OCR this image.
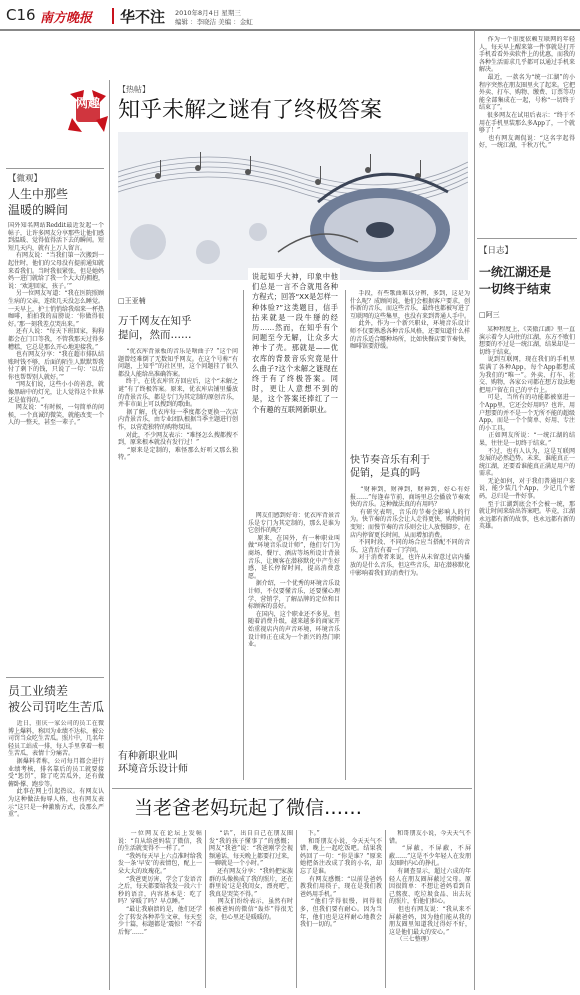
C16 南方晚报 华不注 2010年8月4日 星期三
编辑 ：李晓洁 美编 ：金虹
网趣
【微观】
人生中那些
温暖的瞬间
国外知名网站Reddit最近发起一个帖子，让许多网友分享那些让他们感到温暖、觉得值得活下去的瞬间。短短几天内，就有上万人留言。
有网友说：“当我们第一次搬到一起住时，他们的父母没有提前通知就来看我们。当时我很紧张，但是她妈妈一进门就给了我一个大大的拥抱，说：‘欢迎回家，孩子。’”
另一位网友写道：“我在医院照顾生病的父亲，连续几天没怎么睡觉。一天早上，护士悄悄给我端来一杯热咖啡，拍拍我的肩膀说：‘你做得很好。’那一刻我差点哭出来。”
还有人说：“每天下班回家，狗狗都会在门口等我，不管我那天过得多糟糕，它总是那么开心地迎接我。”
也有网友分享：“我在超市排队结账时钱不够，后面的陌生人默默帮我付了剩下的钱，只说了一句：‘以后你也帮帮别人就好。’”
“网友们说，这些小小的善意，就像黑暗中的灯光，让人觉得这个世界还是值得的。”
网友说：“有时候，一句简单的问候，一个真诚的微笑，就能改变一个人的一整天，甚至一辈子。”
员工业绩差
被公司罚吃生苦瓜
近日，重庆一家公司的员工在微博上爆料，称因为业绩不达标，被公司罚当众吃生苦瓜。照片中，几名年轻员工站成一排，每人手里拿着一根生苦瓜，表情十分痛苦。
据爆料者称，公司每月都会进行业绩考核，排名靠后的员工就要接受“惩罚”，除了吃苦瓜外，还有做俯卧撑、跑步等。
此事在网上引起热议。有网友认为这种做法侮辱人格，也有网友表示“这只是一种激励方式，没那么严重”。
【热帖】
知乎未解之谜有了终极答案
□王亚楠
万千网友在知乎
提问，然而……
“优衣库背景板的音乐是啥曲子？”这个问题曾经难倒了无数知乎网友。在这个号称“有问题，上知乎”的社区里，这个问题挂了很久都没人能给出准确答案。
终于，在优衣库官方回应后，这个“未解之谜”有了终极答案。原来，优衣库店铺里播放的背景音乐，都是专门为其定制的原创音乐，并非市面上可以搜到的歌曲。
据了解，优衣库每一季度都会更换一次店内背景音乐，由专业团队根据当季主题进行创作，以营造独特的购物氛围。
对此，不少网友表示：“难怪怎么搜都搜不到，原来根本就没有发行过！”
“原来是定制的，难怪那么好听又那么独特。”
有种新职业叫
环境音乐设计师
说起知乎大神，印象中他们总是一言不合就甩各种方程式；回答“XX是怎样一种体验?”这类题目，信手拈来就是一段牛掰的经历……然而，在知乎有个问题至今无解，让众多大神卡了壳。那就是——优衣库的背景音乐究竟是什么曲子?这个未解之谜现在终于有了终极答案。同时，更让人意想不到的是，这个答案还捧红了一个有趣的互联网新职业。
网友们感到好奇：优衣库背景音乐是专门为其定制的，那么是谁为它创作的呢？
原来，在国外，有一种职业叫做“环境音乐设计师”，他们专门为商场、餐厅、酒店等场所设计背景音乐，让顾客在潜移默化中产生好感，延长停留时间，提高消费意愿。
据介绍，一个优秀的环境音乐设计师，不仅要懂音乐，还要懂心理学、营销学，了解品牌的定位和目标顾客的喜好。
在国内，这个职业还不多见，但随着消费升级，越来越多的商家开始重视店内的声音环境，环境音乐设计师正在成为一个新兴的热门职业。
手段，有些歌曲难以分辨，多到，这是为什么呢？成顾问说，他们会根据客户要求，创作新的音乐，而这些音乐，最终也都被写进了互联网的这些集里，也没有来到普通人手中。
此外，作为一个新兴职业，环境音乐设计师不仅要熟悉各种音乐风格，还要知道什么样的音乐适合哪种场所，比如快餐店要节奏快，咖啡馆要舒缓。
快节奏音乐有利于
促销，是真的吗
“财神到，财神到，财神到，好心有好报……”每逢春节前，商场里总会播放节奏欢快的音乐。这种做法真的有用吗？
有研究表明，音乐的节奏会影响人的行为。快节奏的音乐会让人走得更快，购物时间变短；而慢节奏的音乐则会让人放慢脚步，在店内停留更长时间，从而增加消费。
不同时段、不同的场合应当搭配不同的音乐，这背后有着一门学问。
对于消费者来说，也许从未留意过店内播放的是什么音乐，但这些音乐，却在潜移默化中影响着我们的消费行为。
作为一个重度依赖互联网的年轻人，每天早上醒来第一件事就是打开手机看看外卖软件上的优惠，而我的各种生活需求几乎都可以通过手机来解决。
最近，一款名为“统一江湖”的小程序突然在朋友圈里火了起来。它把外卖、打车、购物、缴费、订票等功能全部集成在一起，号称“一切终于结束了”。
很多网友在试用后表示：“终于不用在手机里装那么多App了，一个就够了！”
也有网友调侃说：“这名字起得好，一统江湖，千秋万代。”
【日志】
一统江湖还是
一切终于结束
□阿三
某种程度上，《笑傲江湖》里一直演示着令人向往的江湖，东方不败们想要的不过是一统江湖，结果却是一切终于结束。
说到互联网，现在我们的手机里装满了各种App，每个App都想成为我们的“唯一”。外卖、打车、社交、购物，各家公司都在想方设法地把用户留在自己的平台上。
可是，当所有的功能都被塞进一个App里，它还会好用吗？也许，用户想要的并不是一个无所不能的超级App，而是一个个简单、好用、专注的小工具。
正如网友所说：“一统江湖的结果，往往是一切终于结束。”
不过，也有人认为，这是互联网发展的必然趋势。未来，谁能真正一统江湖，还要看谁能真正满足用户的需求。
无论如何，对于我们普通用户来说，能少装几个App，少记几个密码，总归是一件好事。
至于江湖到底会不会被一统，那就让时间来给出答案吧。毕竟，江湖永远都有新的故事，也永远都有新的英雄。
当老爸老妈玩起了微信……
一位网友在论坛上发帖说：“自从给爸妈装了微信，我的生活就变得不一样了。”
“我妈每天早上六点准时给我发一条‘早安’的表情包，配上一朵大大的玫瑰花。”
“我爸更厉害，学会了发语音之后，每天都要给我发一段六十秒的语音，内容基本是：吃了吗？穿暖了吗？早点睡。”
“最让我崩溃的是，他们还学会了转发各种养生文章，每天至少十篇，标题都是‘震惊！’‘不看后悔’……”
“话”，出自自己在朋友圈发“我的孩子懂事了”的感慨；网友“我爸”说：“我爸刚学会视频通话，每天晚上都要打过来，一聊就是一个小时。”
还有网友分享：“我妈把家族群的头像换成了我的照片，还在群里说‘这是我闺女，漂亮吧’，我真是哭笑不得。”
网友们纷纷表示，虽然有时候被爸妈的微信“轰炸”得很无奈，但心里还是暖暖的。
下。”
和哥朋友小说，今天天气不错，晚上一起吃饭吧。结果我妈回了一句：“你是谁？”原来她把备注改成了我的小名，却忘了是谁。
有网友感慨：“以前是爸妈教我们用筷子，现在是我们教爸妈用手机。”
“他们学得很慢，问得很多，但我们要有耐心。因为当年，他们也是这样耐心地教会我们一切的。”
和哥朋友小说，今天天气不错。
“屏蔽，不屏蔽，不屏蔽……”这是不少年轻人在发朋友圈时内心的挣扎。
有调查显示，超过六成的年轻人在朋友圈屏蔽过父母。原因很简单：不想让爸妈看到自己熬夜、吃垃圾食品、出去玩的照片，怕他们担心。
但也有网友说：“我从来不屏蔽爸妈，因为他们能从我的朋友圈里知道我过得好不好，这是他们最大的安心。”
（三七整理）
